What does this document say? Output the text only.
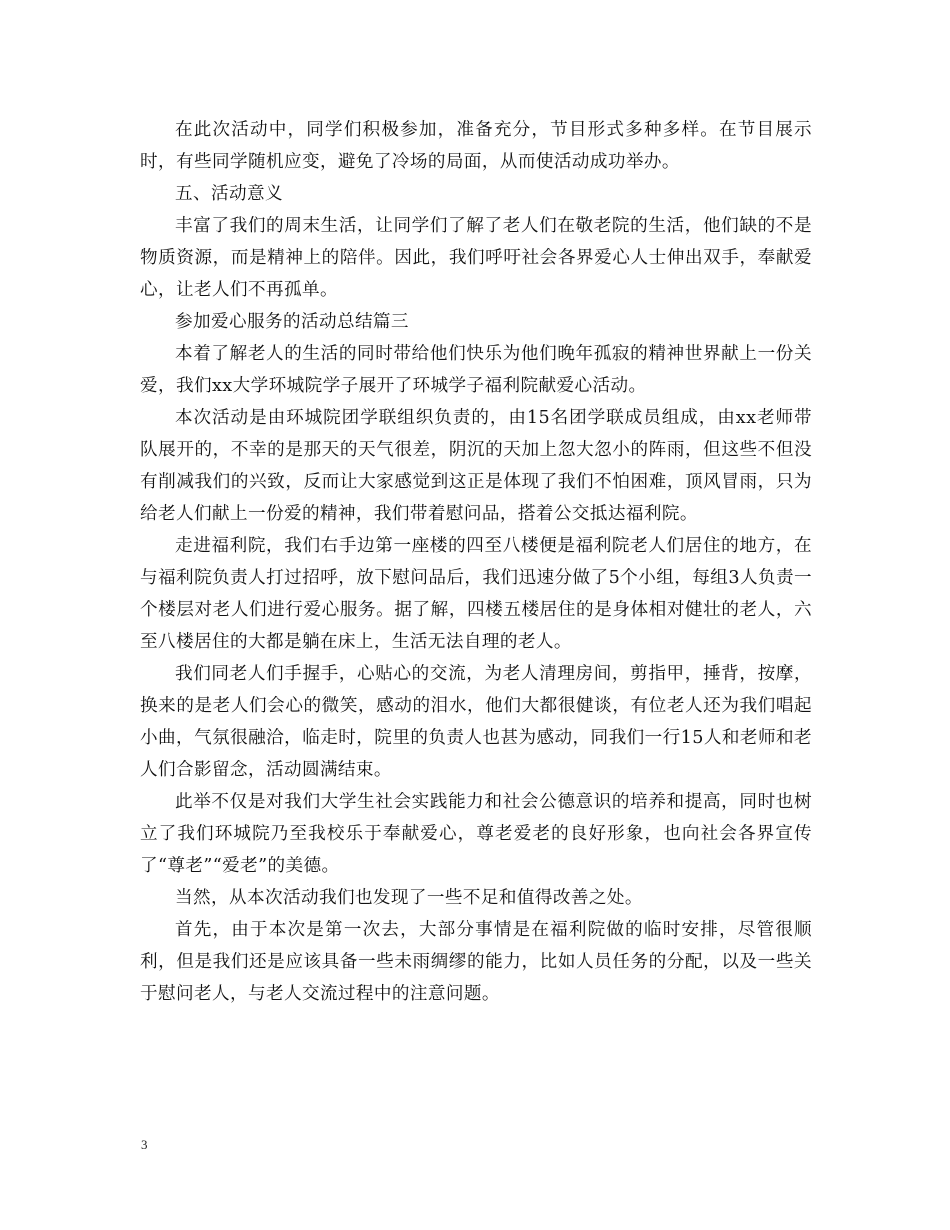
在此次活动中，同学们积极参加，准备充分，节目形式多种多样。在节目展示时，有些同学随机应变，避免了冷场的局面，从而使活动成功举办。

五、活动意义

丰富了我们的周末生活，让同学们了解了老人们在敬老院的生活，他们缺的不是物质资源，而是精神上的陪伴。因此，我们呼吁社会各界爱心人士伸出双手，奉献爱心，让老人们不再孤单。

参加爱心服务的活动总结篇三

本着了解老人的生活的同时带给他们快乐为他们晚年孤寂的精神世界献上一份关爱，我们xx大学环城院学子展开了环城学子福利院献爱心活动。

本次活动是由环城院团学联组织负责的，由15名团学联成员组成，由xx老师带队展开的，不幸的是那天的天气很差，阴沉的天加上忽大忽小的阵雨，但这些不但没有削减我们的兴致，反而让大家感觉到这正是体现了我们不怕困难，顶风冒雨，只为给老人们献上一份爱的精神，我们带着慰问品，搭着公交抵达福利院。

走进福利院，我们右手边第一座楼的四至八楼便是福利院老人们居住的地方，在与福利院负责人打过招呼，放下慰问品后，我们迅速分做了5个小组，每组3人负责一个楼层对老人们进行爱心服务。据了解，四楼五楼居住的是身体相对健壮的老人，六至八楼居住的大都是躺在床上，生活无法自理的老人。

我们同老人们手握手，心贴心的交流，为老人清理房间，剪指甲，捶背，按摩，换来的是老人们会心的微笑，感动的泪水，他们大都很健谈，有位老人还为我们唱起小曲，气氛很融洽，临走时，院里的负责人也甚为感动，同我们一行15人和老师和老人们合影留念，活动圆满结束。

此举不仅是对我们大学生社会实践能力和社会公德意识的培养和提高，同时也树立了我们环城院乃至我校乐于奉献爱心，尊老爱老的良好形象，也向社会各界宣传了“尊老”“爱老”的美德。

当然，从本次活动我们也发现了一些不足和值得改善之处。

首先，由于本次是第一次去，大部分事情是在福利院做的临时安排，尽管很顺利，但是我们还是应该具备一些未雨绸缪的能力，比如人员任务的分配，以及一些关于慰问老人，与老人交流过程中的注意问题。

3
